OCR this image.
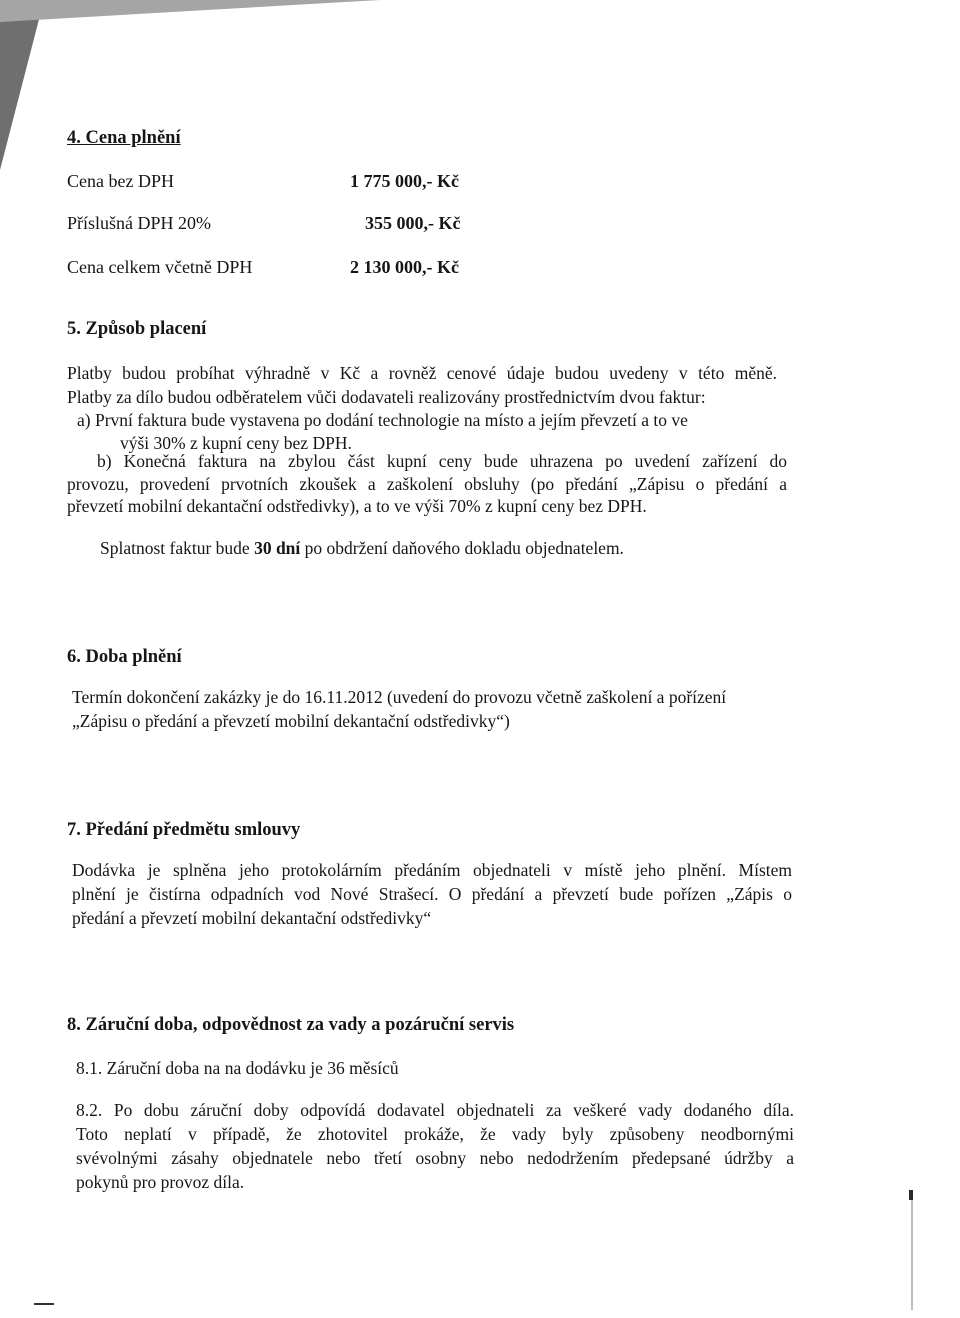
4. Cena plnění
Cena bez DPH	1 775 000,- Kč
Příslušná DPH 20%	355 000,- Kč
Cena celkem včetně DPH	2 130 000,- Kč
5. Způsob placení
Platby budou probíhat výhradně v Kč a rovněž cenové údaje budou uvedeny v této měně.
Platby za dílo budou odběratelem vůči dodavateli realizovány prostřednictvím dvou faktur:
a) První faktura bude vystavena po dodání technologie na místo a jejím převzetí a to ve
výši 30% z kupní ceny bez DPH.
b) Konečná faktura na zbylou část kupní ceny bude uhrazena po uvedení zařízení do
provozu, provedení prvotních zkoušek a zaškolení obsluhy (po předání „Zápisu o předání a
převzetí mobilní dekantační odstředivky), a to ve výši 70% z kupní ceny bez DPH.
Splatnost faktur bude 30 dní po obdržení daňového dokladu objednatelem.
6. Doba plnění
Termín dokončení zakázky je do 16.11.2012 (uvedení do provozu včetně zaškolení a pořízení
„Zápisu o předání a převzetí mobilní dekantační odstředivky“)
7. Předání předmětu smlouvy
Dodávka je splněna jeho protokolárním předáním objednateli v místě jeho plnění. Místem
plnění je čistírna odpadních vod Nové Strašecí. O předání a převzetí bude pořízen „Zápis o
předání a převzetí mobilní dekantační odstředivky“
8. Záruční doba, odpovědnost za vady a pozáruční servis
8.1. Záruční doba na na dodávku je 36 měsíců
8.2. Po dobu záruční doby odpovídá dodavatel objednateli za veškeré vady dodaného díla.
Toto neplatí v případě, že zhotovitel prokáže, že vady byly způsobeny neodbornými
svévolnými zásahy objednatele nebo třetí osobny nebo nedodržením předepsané údržby a
pokynů pro provoz díla.
